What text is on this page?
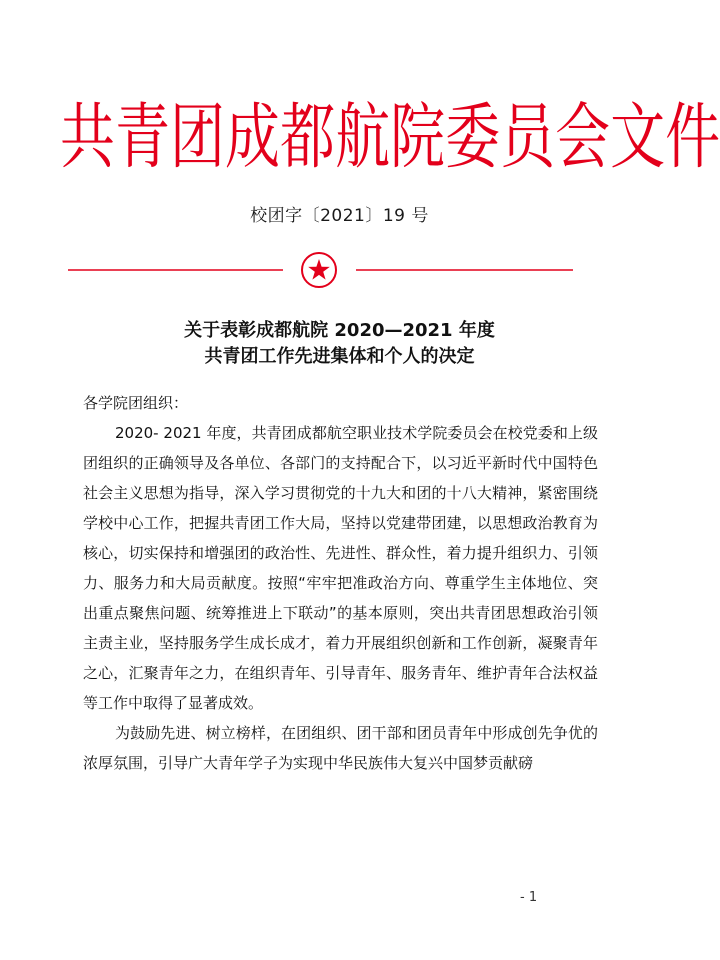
共 青 团 成 都 航 院 委 员 会 文 件
校团字〔2021〕19 号
关于表彰成都航院 2020—2021 年度
共青团工作先进集体和个人的决定

各学院团组织：

2020- 2021 年度，共青团成都航空职业技术学院委员会在校党委和上级团组织的正确领导及各单位、各部门的支持配合下，以习近平新时代中国特色社会主义思想为指导，深入学习贯彻党的十九大和团的十八大精神，紧密围绕学校中心工作，把握共青团工作大局，坚持以党建带团建，以思想政治教育为核心，切实保持和增强团的政治性、先进性、群众性，着力提升组织力、引领力、服务力和大局贡献度。按照“牢牢把准政治方向、尊重学生主体地位、突出重点聚焦问题、统筹推进上下联动”的基本原则，突出共青团思想政治引领主责主业，坚持服务学生成长成才，着力开展组织创新和工作创新，凝聚青年之心，汇聚青年之力，在组织青年、引导青年、服务青年、维护青年合法权益等工作中取得了显著成效。

为鼓励先进、树立榜样，在团组织、团干部和团员青年中形成创先争优的浓厚氛围，引导广大青年学子为实现中华民族伟大复兴中国梦贡献磅

- 1
